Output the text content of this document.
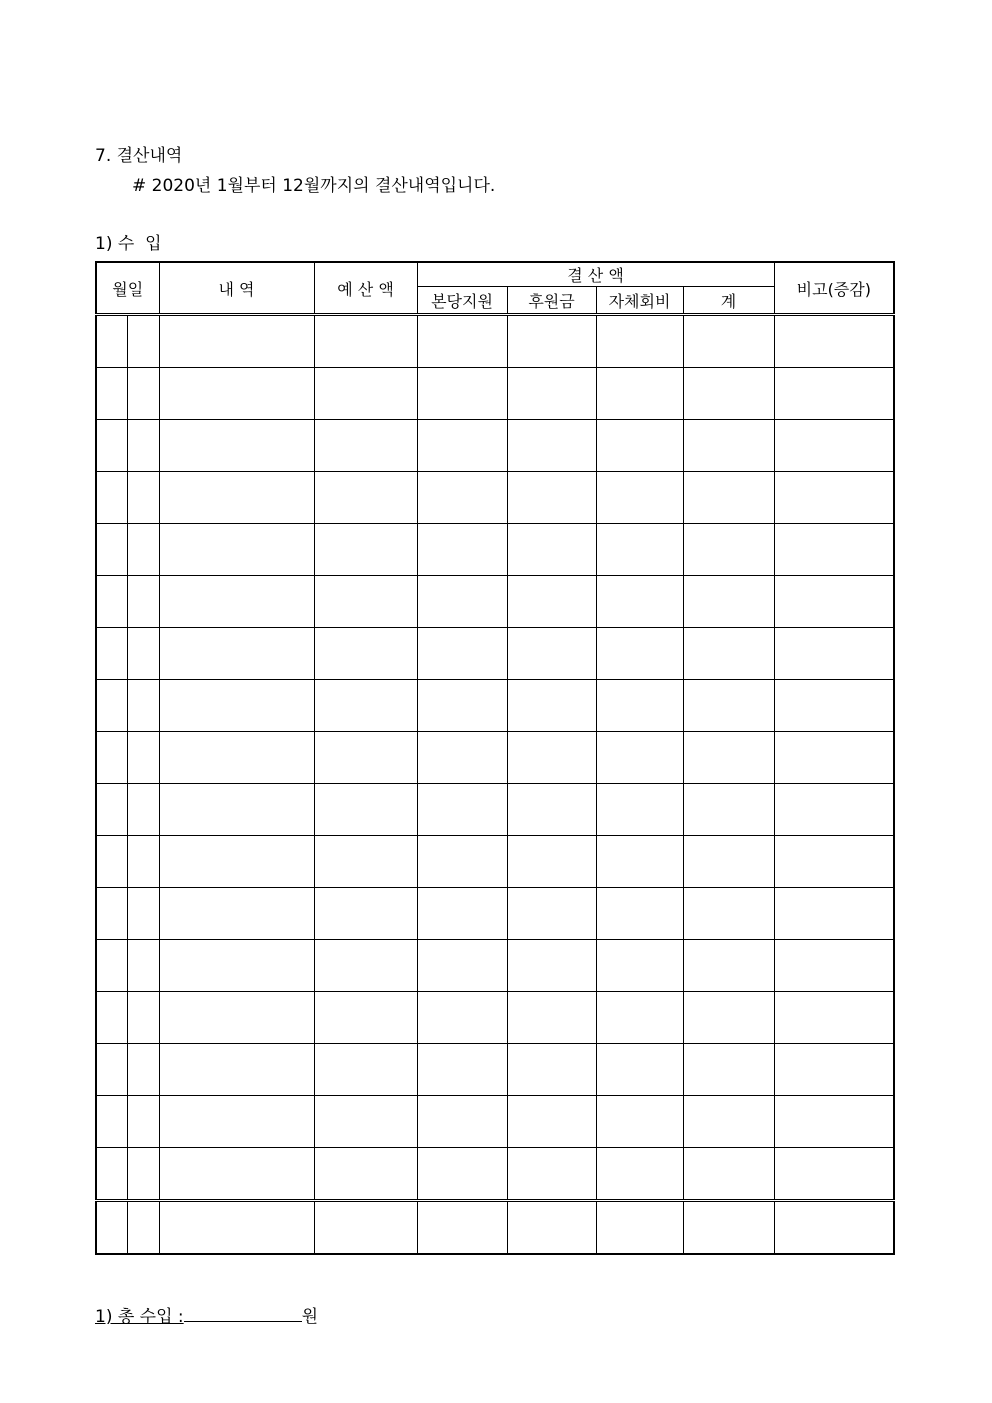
7. 결산내역
# 2020년 1월부터 12월까지의 결산내역입니다.
1) 수  입
월일		내 역	예 산 액	결 산 액				비고(증감)
				본당지원	후원금	자체회비	계	

1) 총 수입 :	원
